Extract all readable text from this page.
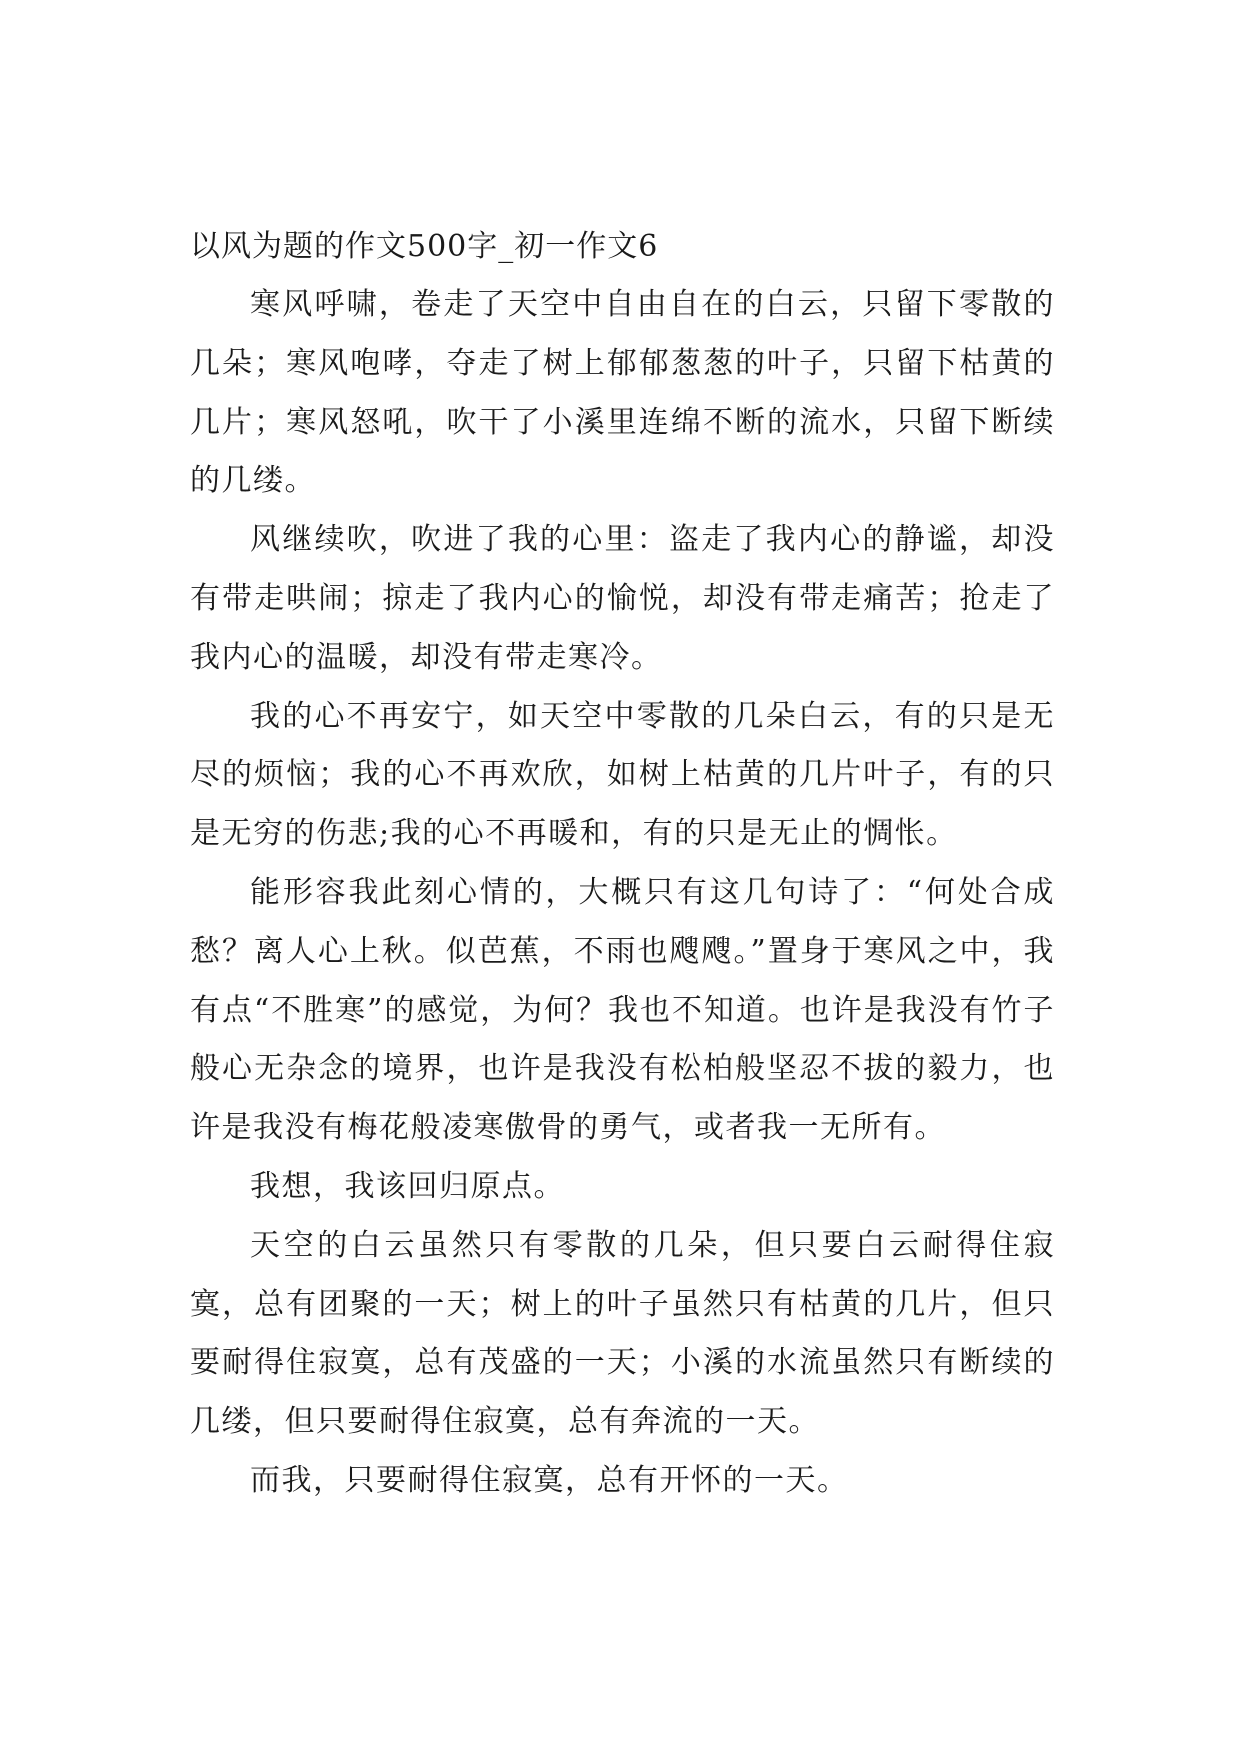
以风为题的作文500字_初一作文6

寒风呼啸，卷走了天空中自由自在的白云，只留下零散的几朵；寒风咆哮，夺走了树上郁郁葱葱的叶子，只留下枯黄的几片；寒风怒吼，吹干了小溪里连绵不断的流水，只留下断续的几缕。

风继续吹，吹进了我的心里：盗走了我内心的静谧，却没有带走哄闹；掠走了我内心的愉悦，却没有带走痛苦；抢走了我内心的温暖，却没有带走寒冷。

我的心不再安宁，如天空中零散的几朵白云，有的只是无尽的烦恼；我的心不再欢欣，如树上枯黄的几片叶子，有的只是无穷的伤悲;我的心不再暖和，有的只是无止的惆怅。

能形容我此刻心情的，大概只有这几句诗了：“何处合成愁？离人心上秋。似芭蕉，不雨也飕飕。”置身于寒风之中，我有点“不胜寒”的感觉，为何？我也不知道。也许是我没有竹子般心无杂念的境界，也许是我没有松柏般坚忍不拔的毅力，也许是我没有梅花般凌寒傲骨的勇气，或者我一无所有。

我想，我该回归原点。

天空的白云虽然只有零散的几朵，但只要白云耐得住寂寞，总有团聚的一天；树上的叶子虽然只有枯黄的几片，但只要耐得住寂寞，总有茂盛的一天；小溪的水流虽然只有断续的几缕，但只要耐得住寂寞，总有奔流的一天。

而我，只要耐得住寂寞，总有开怀的一天。
